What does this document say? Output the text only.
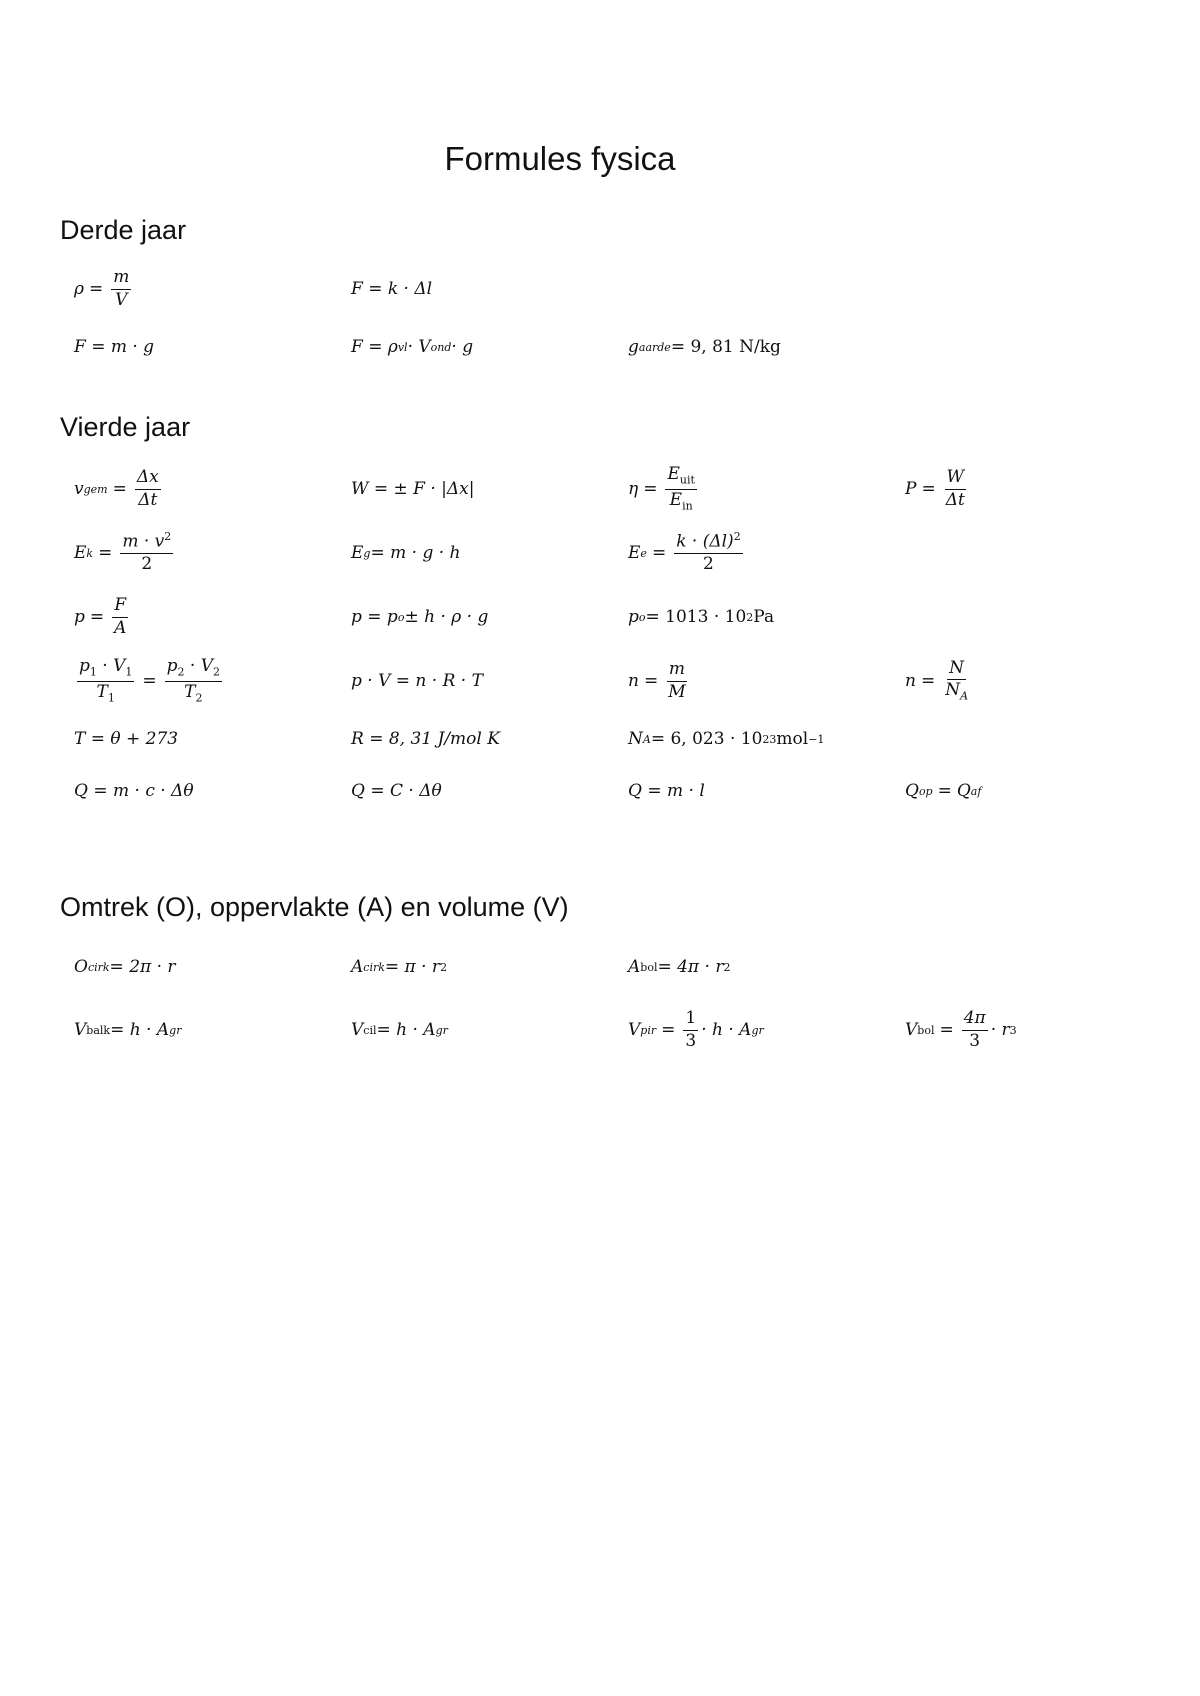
Formules fysica
Derde jaar
$\rho = \frac{m}{V}$	F = k · Δl
F = m · g	F = ρ vl · V ond · g	g aarde = 9, 81 N/kg
Vierde jaar
v gem = $\frac{\Delta x}{\Delta t}$	W = ± F · |Δx|	$\eta = \frac{E_{uit}}{E_{in}}$	$P = \frac{W}{\Delta t}$
E $k = \frac{m \cdot v^2}{2}$	E g = m · g · h	E $e = \frac{k \cdot (\Delta l)^2}{2}$
$p = \frac{F}{A}$	p = p o ± h · ρ · g	p o = 1013 · 10 2 Pa
$\frac{p_1 \cdot V_1}{T_1} = \frac{p_2 \cdot V_2}{T_2}$	p · V = n · R · T	$n = \frac{m}{M}$	$n = \frac{N}{N_A}$
T = θ + 273	R = 8, 31 J/mol K	N A = 6, 023 · 10 23 mol −1
Q = m · c · Δθ	Q = C · Δθ	Q = m · l	Q op = Q af
Omtrek (O), oppervlakte (A) en volume (V)
O cirk = 2π · r	A cirk = π · r 2	A bol = 4π · r 2
V balk = h · A gr	V cil = h · A gr	V pir = $\frac{1}{3} \cdot h \cdot A$ gr	V bol = $\frac{4\pi}{3} \cdot r$ 3
